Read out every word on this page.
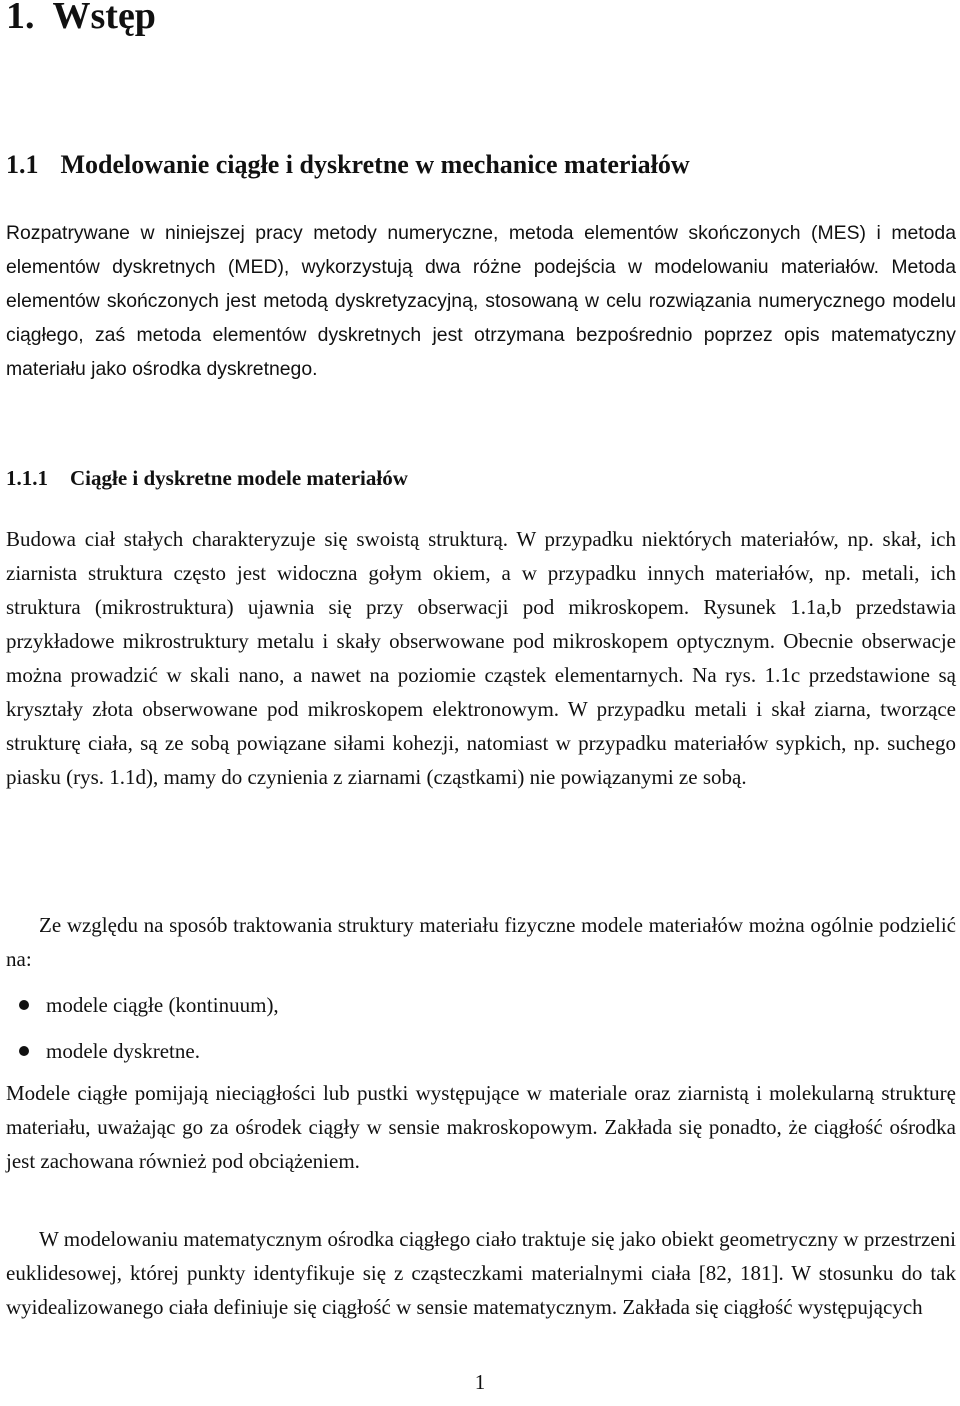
1. Wstęp
1.1 Modelowanie ciągłe i dyskretne w mechanice materiałów
Rozpatrywane w niniejszej pracy metody numeryczne, metoda elementów skończonych (MES) i metoda elementów dyskretnych (MED), wykorzystują dwa różne podejścia w modelowaniu materiałów. Metoda elementów skończonych jest metodą dyskretyzacyjną, stosowaną w celu rozwiązania numerycznego modelu ciągłego, zaś metoda elementów dyskretnych jest otrzymana bezpośrednio poprzez opis matematyczny materiału jako ośrodka dyskretnego.
1.1.1 Ciągłe i dyskretne modele materiałów
Budowa ciał stałych charakteryzuje się swoistą strukturą. W przypadku niektórych materiałów, np. skał, ich ziarnista struktura często jest widoczna gołym okiem, a w przypadku innych materiałów, np. metali, ich struktura (mikrostruktura) ujawnia się przy obserwacji pod mikroskopem. Rysunek 1.1a,b przedstawia przykładowe mikrostruktury metalu i skały obserwowane pod mikroskopem optycznym. Obecnie obserwacje można prowadzić w skali nano, a nawet na poziomie cząstek elementarnych. Na rys. 1.1c przedstawione są kryształy złota obserwowane pod mikroskopem elektronowym. W przypadku metali i skał ziarna, tworzące strukturę ciała, są ze sobą powiązane siłami kohezji, natomiast w przypadku materiałów sypkich, np. suchego piasku (rys. 1.1d), mamy do czynienia z ziarnami (cząstkami) nie powiązanymi ze sobą.
Ze względu na sposób traktowania struktury materiału fizyczne modele materiałów można ogólnie podzielić na:
modele ciągłe (kontinuum),
modele dyskretne.
Modele ciągłe pomijają nieciągłości lub pustki występujące w materiale oraz ziarnistą i molekularną strukturę materiału, uważając go za ośrodek ciągły w sensie makroskopowym. Zakłada się ponadto, że ciągłość ośrodka jest zachowana również pod obciążeniem.
W modelowaniu matematycznym ośrodka ciągłego ciało traktuje się jako obiekt geometryczny w przestrzeni euklidesowej, której punkty identyfikuje się z cząsteczkami materialnymi ciała [82, 181]. W stosunku do tak wyidealizowanego ciała definiuje się ciągłość w sensie matematycznym. Zakłada się ciągłość występujących
1
